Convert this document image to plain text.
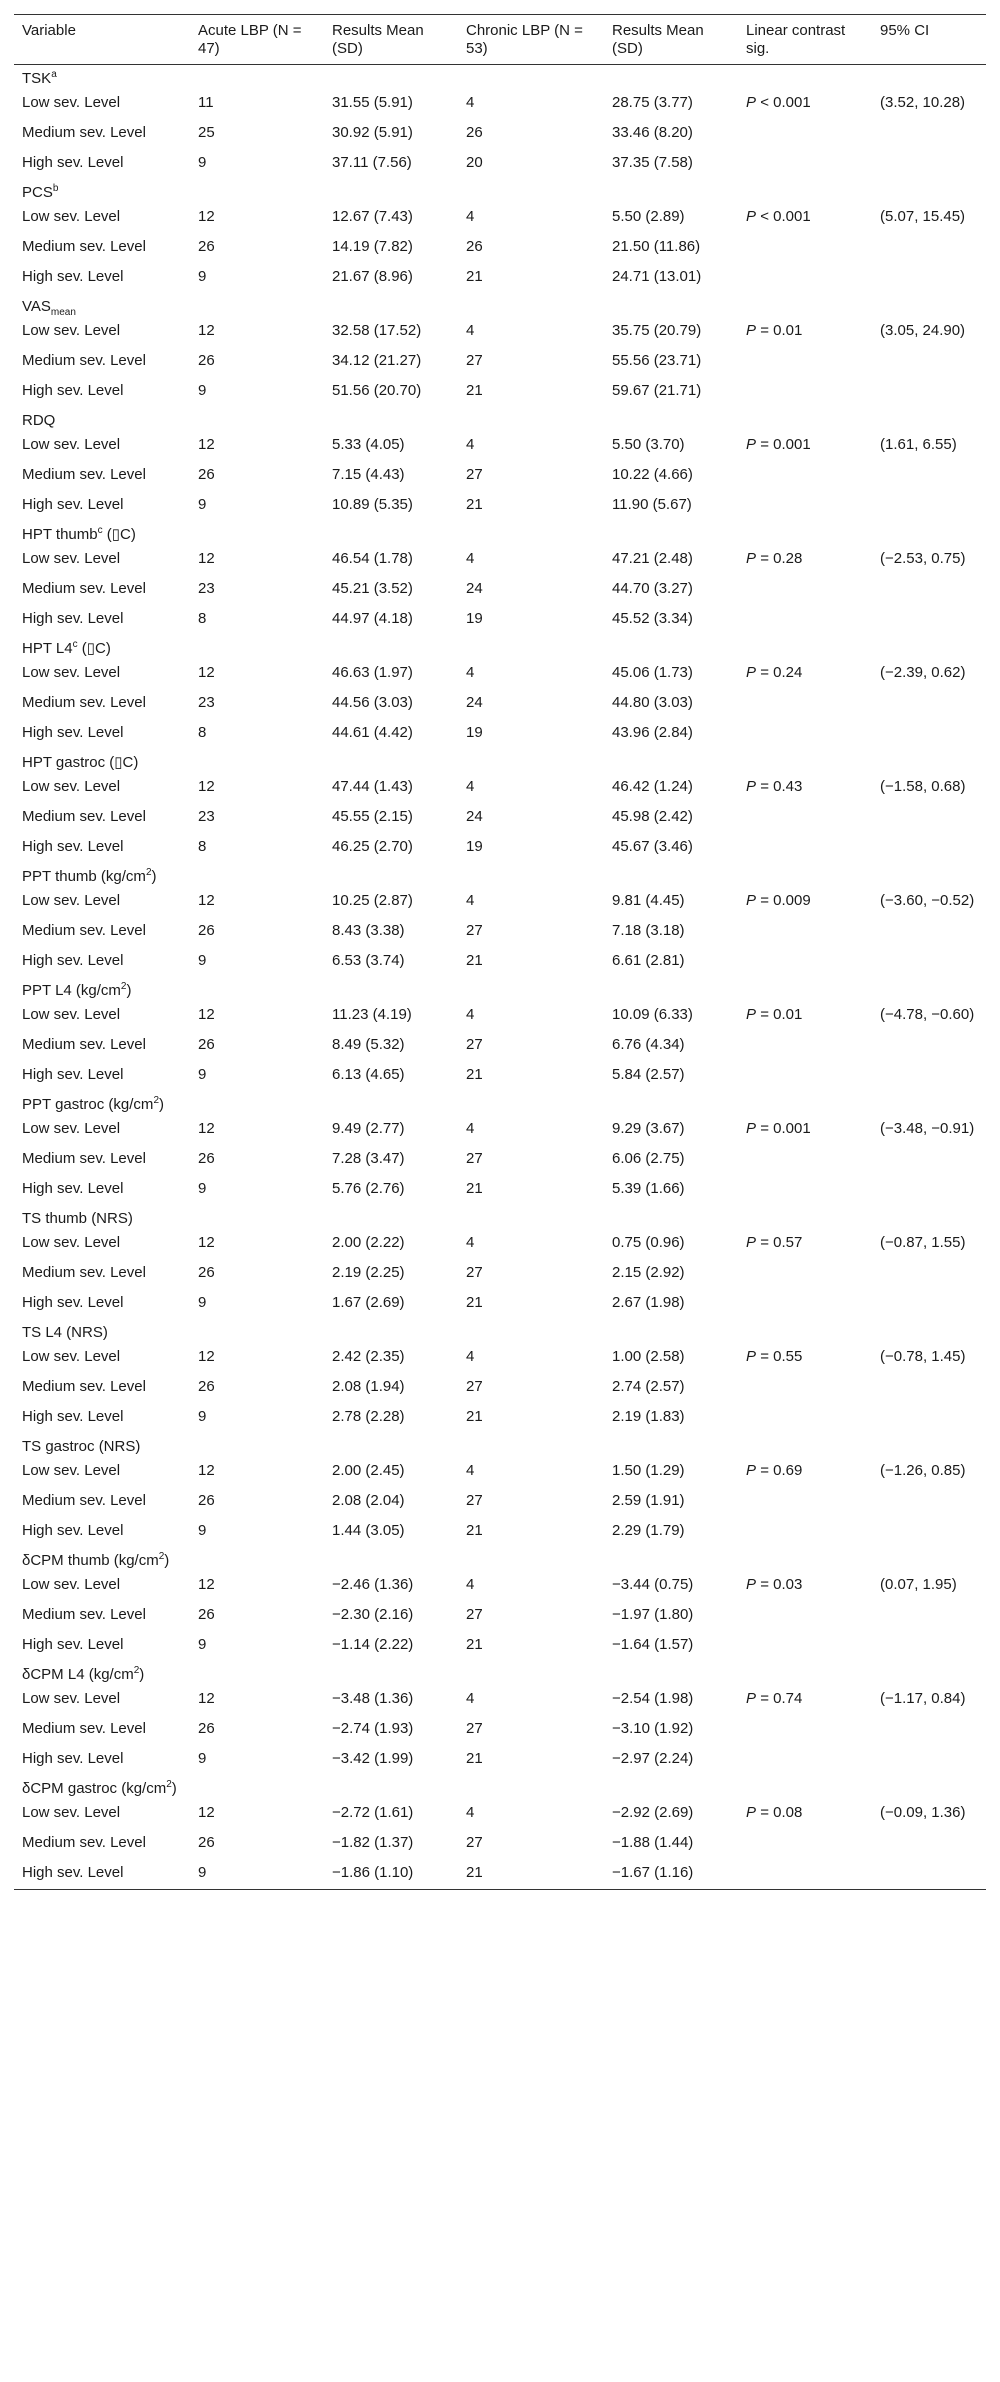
Variable	Acute LBP (N = 47)	Results Mean (SD)	Chronic LBP (N = 53)	Results Mean (SD)	Linear contrast sig.	95% CI
TSK$^a$
Low sev. Level	11	31.55 (5.91)	4	28.75 (3.77)	P < 0.001	(3.52, 10.28)
Medium sev. Level	25	30.92 (5.91)	26	33.46 (8.20)		
High sev. Level	9	37.11 (7.56)	20	37.35 (7.58)		
PCS$^b$
Low sev. Level	12	12.67 (7.43)	4	5.50 (2.89)	P < 0.001	(5.07, 15.45)
Medium sev. Level	26	14.19 (7.82)	26	21.50 (11.86)		
High sev. Level	9	21.67 (8.96)	21	24.71 (13.01)		
$VAS_{mean}$
Low sev. Level	12	32.58 (17.52)	4	35.75 (20.79)	P = 0.01	(3.05, 24.90)
Medium sev. Level	26	34.12 (21.27)	27	55.56 (23.71)		
High sev. Level	9	51.56 (20.70)	21	59.67 (21.71)		
RDQ						
Low sev. Level	12	5.33 (4.05)	4	5.50 (3.70)	P = 0.001	(1.61, 6.55)
Medium sev. Level	26	7.15 (4.43)	27	10.22 (4.66)		
High sev. Level	9	10.89 (5.35)	21	11.90 (5.67)		
HPT thumb$^c$ (▯C)						
Low sev. Level	12	46.54 (1.78)	4	47.21 (2.48)	P = 0.28	(−2.53, 0.75)
Medium sev. Level	23	45.21 (3.52)	24	44.70 (3.27)		
High sev. Level	8	44.97 (4.18)	19	45.52 (3.34)		
HPT L4$^c$ (▯C)						
Low sev. Level	12	46.63 (1.97)	4	45.06 (1.73)	P = 0.24	(−2.39, 0.62)
Medium sev. Level	23	44.56 (3.03)	24	44.80 (3.03)		
High sev. Level	8	44.61 (4.42)	19	43.96 (2.84)		
HPT gastroc (▯C)						
Low sev. Level	12	47.44 (1.43)	4	46.42 (1.24)	P = 0.43	(−1.58, 0.68)
Medium sev. Level	23	45.55 (2.15)	24	45.98 (2.42)		
High sev. Level	8	46.25 (2.70)	19	45.67 (3.46)		
PPT thumb $(kg/cm^2)$						
Low sev. Level	12	10.25 (2.87)	4	9.81 (4.45)	P = 0.009	(−3.60, −0.52)
Medium sev. Level	26	8.43 (3.38)	27	7.18 (3.18)		
High sev. Level	9	6.53 (3.74)	21	6.61 (2.81)		
PPT L4 $(kg/cm^2)$						
Low sev. Level	12	11.23 (4.19)	4	10.09 (6.33)	P = 0.01	(−4.78, −0.60)
Medium sev. Level	26	8.49 (5.32)	27	6.76 (4.34)		
High sev. Level	9	6.13 (4.65)	21	5.84 (2.57)		
PPT gastroc $(kg/cm^2)$						
Low sev. Level	12	9.49 (2.77)	4	9.29 (3.67)	P = 0.001	(−3.48, −0.91)
Medium sev. Level	26	7.28 (3.47)	27	6.06 (2.75)		
High sev. Level	9	5.76 (2.76)	21	5.39 (1.66)		
TS thumb (NRS)						
Low sev. Level	12	2.00 (2.22)	4	0.75 (0.96)	P = 0.57	(−0.87, 1.55)
Medium sev. Level	26	2.19 (2.25)	27	2.15 (2.92)		
High sev. Level	9	1.67 (2.69)	21	2.67 (1.98)		
TS L4 (NRS)						
Low sev. Level	12	2.42 (2.35)	4	1.00 (2.58)	P = 0.55	(−0.78, 1.45)
Medium sev. Level	26	2.08 (1.94)	27	2.74 (2.57)		
High sev. Level	9	2.78 (2.28)	21	2.19 (1.83)		
TS gastroc (NRS)						
Low sev. Level	12	2.00 (2.45)	4	1.50 (1.29)	P = 0.69	(−1.26, 0.85)
Medium sev. Level	26	2.08 (2.04)	27	2.59 (1.91)		
High sev. Level	9	1.44 (3.05)	21	2.29 (1.79)		
δCPM thumb $(kg/cm^2)$						
Low sev. Level	12	−2.46 (1.36)	4	−3.44 (0.75)	P = 0.03	(0.07, 1.95)
Medium sev. Level	26	−2.30 (2.16)	27	−1.97 (1.80)		
High sev. Level	9	−1.14 (2.22)	21	−1.64 (1.57)		
δCPM L4 $(kg/cm^2)$						
Low sev. Level	12	−3.48 (1.36)	4	−2.54 (1.98)	P = 0.74	(−1.17, 0.84)
Medium sev. Level	26	−2.74 (1.93)	27	−3.10 (1.92)		
High sev. Level	9	−3.42 (1.99)	21	−2.97 (2.24)		
δCPM gastroc $(kg/cm^2)$						
Low sev. Level	12	−2.72 (1.61)	4	−2.92 (2.69)	P = 0.08	(−0.09, 1.36)
Medium sev. Level	26	−1.82 (1.37)	27	−1.88 (1.44)		
High sev. Level	9	−1.86 (1.10)	21	−1.67 (1.16)		
